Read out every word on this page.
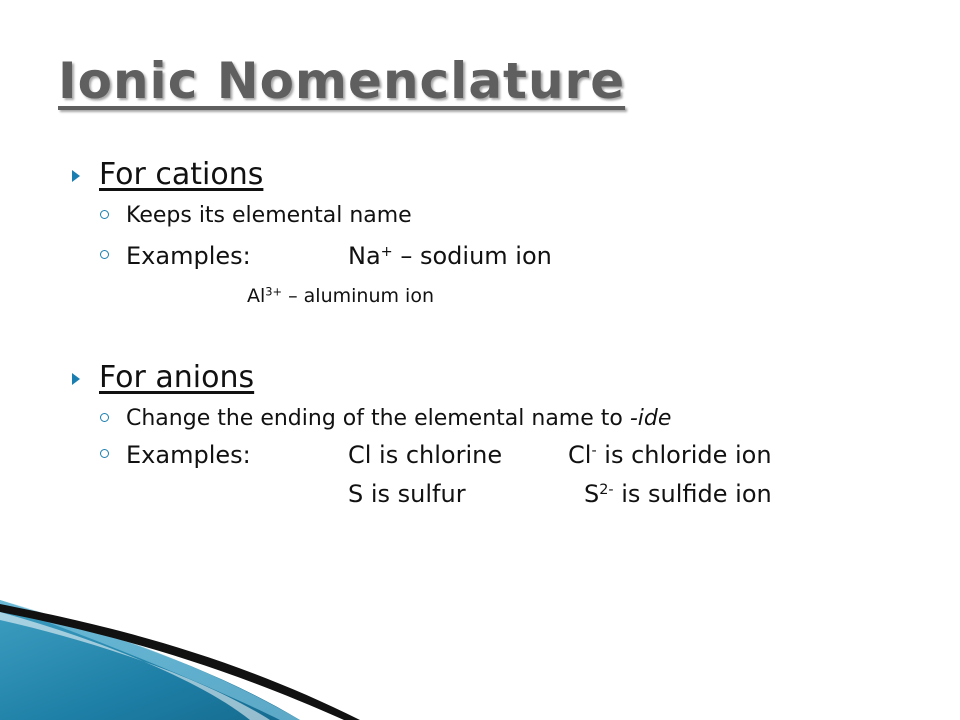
Ionic Nomenclature
For cations
Keeps its elemental name
Examples:	Na+ – sodium ion
$Al^{3+}$ – aluminum ion
For anions
Change the ending of the elemental name to -ide
Examples:	Cl is chlorine	Cl- is chloride ion
S is sulfur	$S^{2-}$ is sulfide ion
